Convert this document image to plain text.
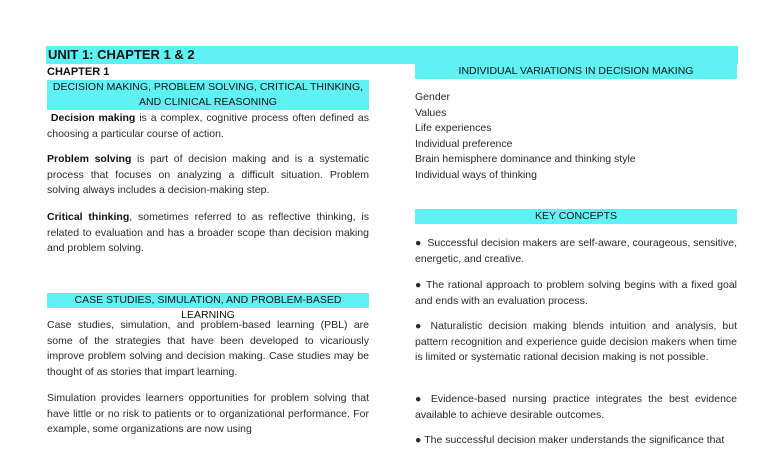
UNIT 1: CHAPTER 1 & 2
CHAPTER 1
DECISION MAKING, PROBLEM SOLVING, CRITICAL THINKING,
AND CLINICAL REASONING
Decision making is a complex, cognitive process often defined as choosing a particular course of action.
Problem solving is part of decision making and is a systematic process that focuses on analyzing a difficult situation. Problem solving always includes a decision-making step.
Critical thinking, sometimes referred to as reflective thinking, is related to evaluation and has a broader scope than decision making and problem solving.
CASE STUDIES, SIMULATION, AND PROBLEM-BASED LEARNING
Case studies, simulation, and problem-based learning (PBL) are some of the strategies that have been developed to vicariously improve problem solving and decision making. Case studies may be thought of as stories that impart learning.
Simulation provides learners opportunities for problem solving that have little or no risk to patients or to organizational performance. For example, some organizations are now using
INDIVIDUAL VARIATIONS IN DECISION MAKING
Gender
Values
Life experiences
Individual preference
Brain hemisphere dominance and thinking style
Individual ways of thinking
KEY CONCEPTS
● Successful decision makers are self-aware, courageous, sensitive, energetic, and creative.
● The rational approach to problem solving begins with a fixed goal and ends with an evaluation process.
● Naturalistic decision making blends intuition and analysis, but pattern recognition and experience guide decision makers when time is limited or systematic rational decision making is not possible.
● Evidence-based nursing practice integrates the best evidence available to achieve desirable outcomes.
● The successful decision maker understands the significance that
